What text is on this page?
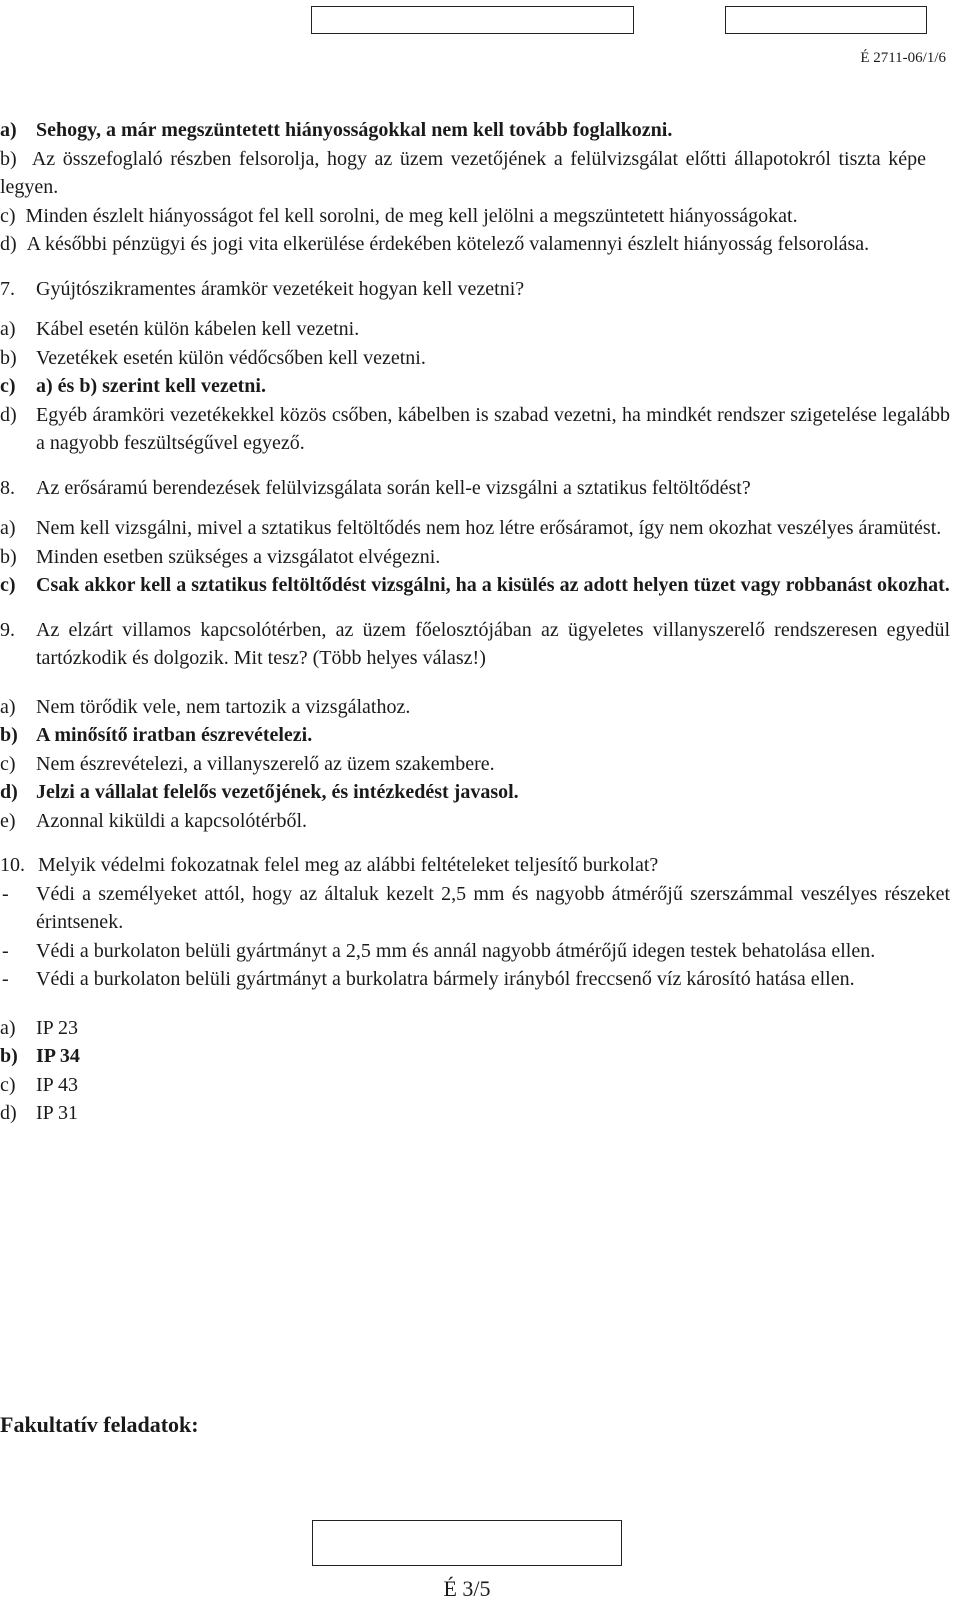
É 2711-06/1/6
a) Sehogy, a már megszüntetett hiányosságokkal nem kell tovább foglalkozni.
b) Az összefoglaló részben felsorolja, hogy az üzem vezetőjének a felülvizsgálat előtti állapotokról tiszta képe legyen.
c) Minden észlelt hiányosságot fel kell sorolni, de meg kell jelölni a megszüntetett hiányosságokat.
d) A későbbi pénzügyi és jogi vita elkerülése érdekében kötelező valamennyi észlelt hiányosság felsorolása.
7.	Gyújtószikramentes áramkör vezetékeit hogyan kell vezetni?
a)	Kábel esetén külön kábelen kell vezetni.
b) Vezetékek esetén külön védőcsőben kell vezetni.
c)	a) és b) szerint kell vezetni.
d) Egyéb áramköri vezetékekkel közös csőben, kábelben is szabad vezetni, ha mindkét rendszer szigetelése legalább a nagyobb feszültségűvel egyező.
8.	Az erősáramú berendezések felülvizsgálata során kell-e vizsgálni a sztatikus feltöltődést?
a)	Nem kell vizsgálni, mivel a sztatikus feltöltődés nem hoz létre erősáramot, így nem okozhat veszélyes áramütést.
b) Minden esetben szükséges a vizsgálatot elvégezni.
c)	Csak akkor kell a sztatikus feltöltődést vizsgálni, ha a kisülés az adott helyen tüzet vagy robbanást okozhat.
9.	Az elzárt villamos kapcsolótérben, az üzem főelosztójában az ügyeletes villanyszerelő rendszeresen egyedül tartózkodik és dolgozik. Mit tesz? (Több helyes válasz!)
a)	Nem törődik vele, nem tartozik a vizsgálathoz.
b) A minősítő iratban észrevételezi.
c)	Nem észrevételezi, a villanyszerelő az üzem szakembere.
d) Jelzi a vállalat felelős vezetőjének, és intézkedést javasol.
e)	Azonnal kiküldi a kapcsolótérből.
10. Melyik védelmi fokozatnak felel meg az alábbi feltételeket teljesítő burkolat?
-	Védi a személyeket attól, hogy az általuk kezelt 2,5 mm és nagyobb átmérőjű szerszámmal veszélyes részeket érintsenek.
-	Védi a burkolaton belüli gyártmányt a 2,5 mm és annál nagyobb átmérőjű idegen testek behatolása ellen.
-	Védi a burkolaton belüli gyártmányt a burkolatra bármely irányból freccsenő víz károsító hatása ellen.
a)	IP 23
b) IP 34
c)	IP 43
d) IP 31
Fakultatív feladatok:
É 3/5
